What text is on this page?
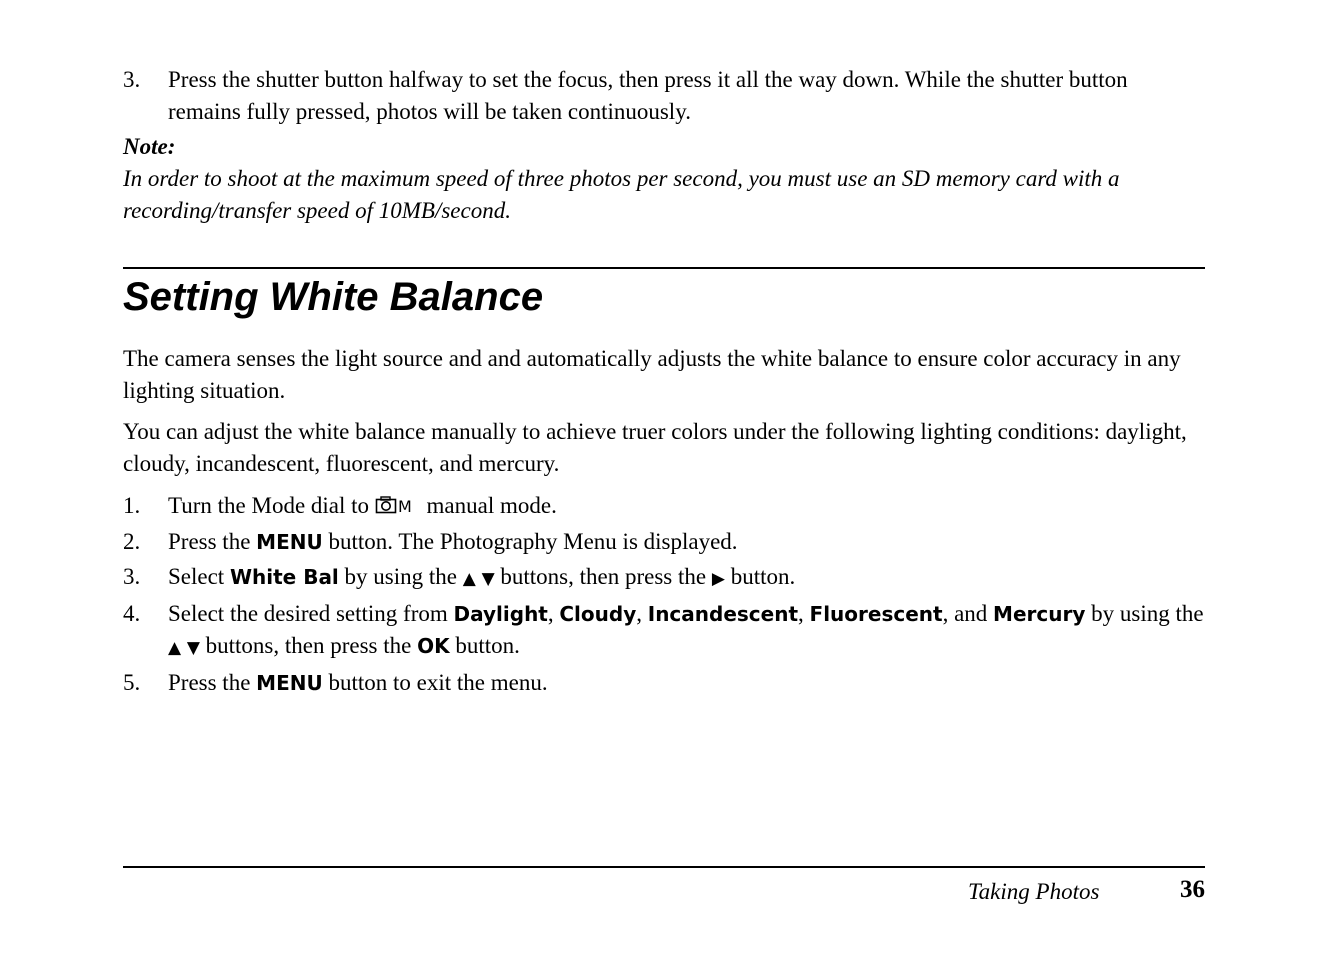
3. Press the shutter button halfway to set the focus, then press it all the way down. While the shutter button remains fully pressed, photos will be taken continuously.
Note:
In order to shoot at the maximum speed of three photos per second, you must use an SD memory card with a recording/transfer speed of 10MB/second.
Setting White Balance
The camera senses the light source and and automatically adjusts the white balance to ensure color accuracy in any lighting situation.
You can adjust the white balance manually to achieve truer colors under the following lighting conditions: daylight, cloudy, incandescent, fluorescent, and mercury.
1. Turn the Mode dial to M manual mode.
2. Press the MENU button. The Photography Menu is displayed.
3. Select White Bal by using the ▲ ▼ buttons, then press the ▶ button.
4. Select the desired setting from Daylight, Cloudy, Incandescent, Fluorescent, and Mercury by using the ▲ ▼ buttons, then press the OK button.
5. Press the MENU button to exit the menu.
Taking Photos	36
